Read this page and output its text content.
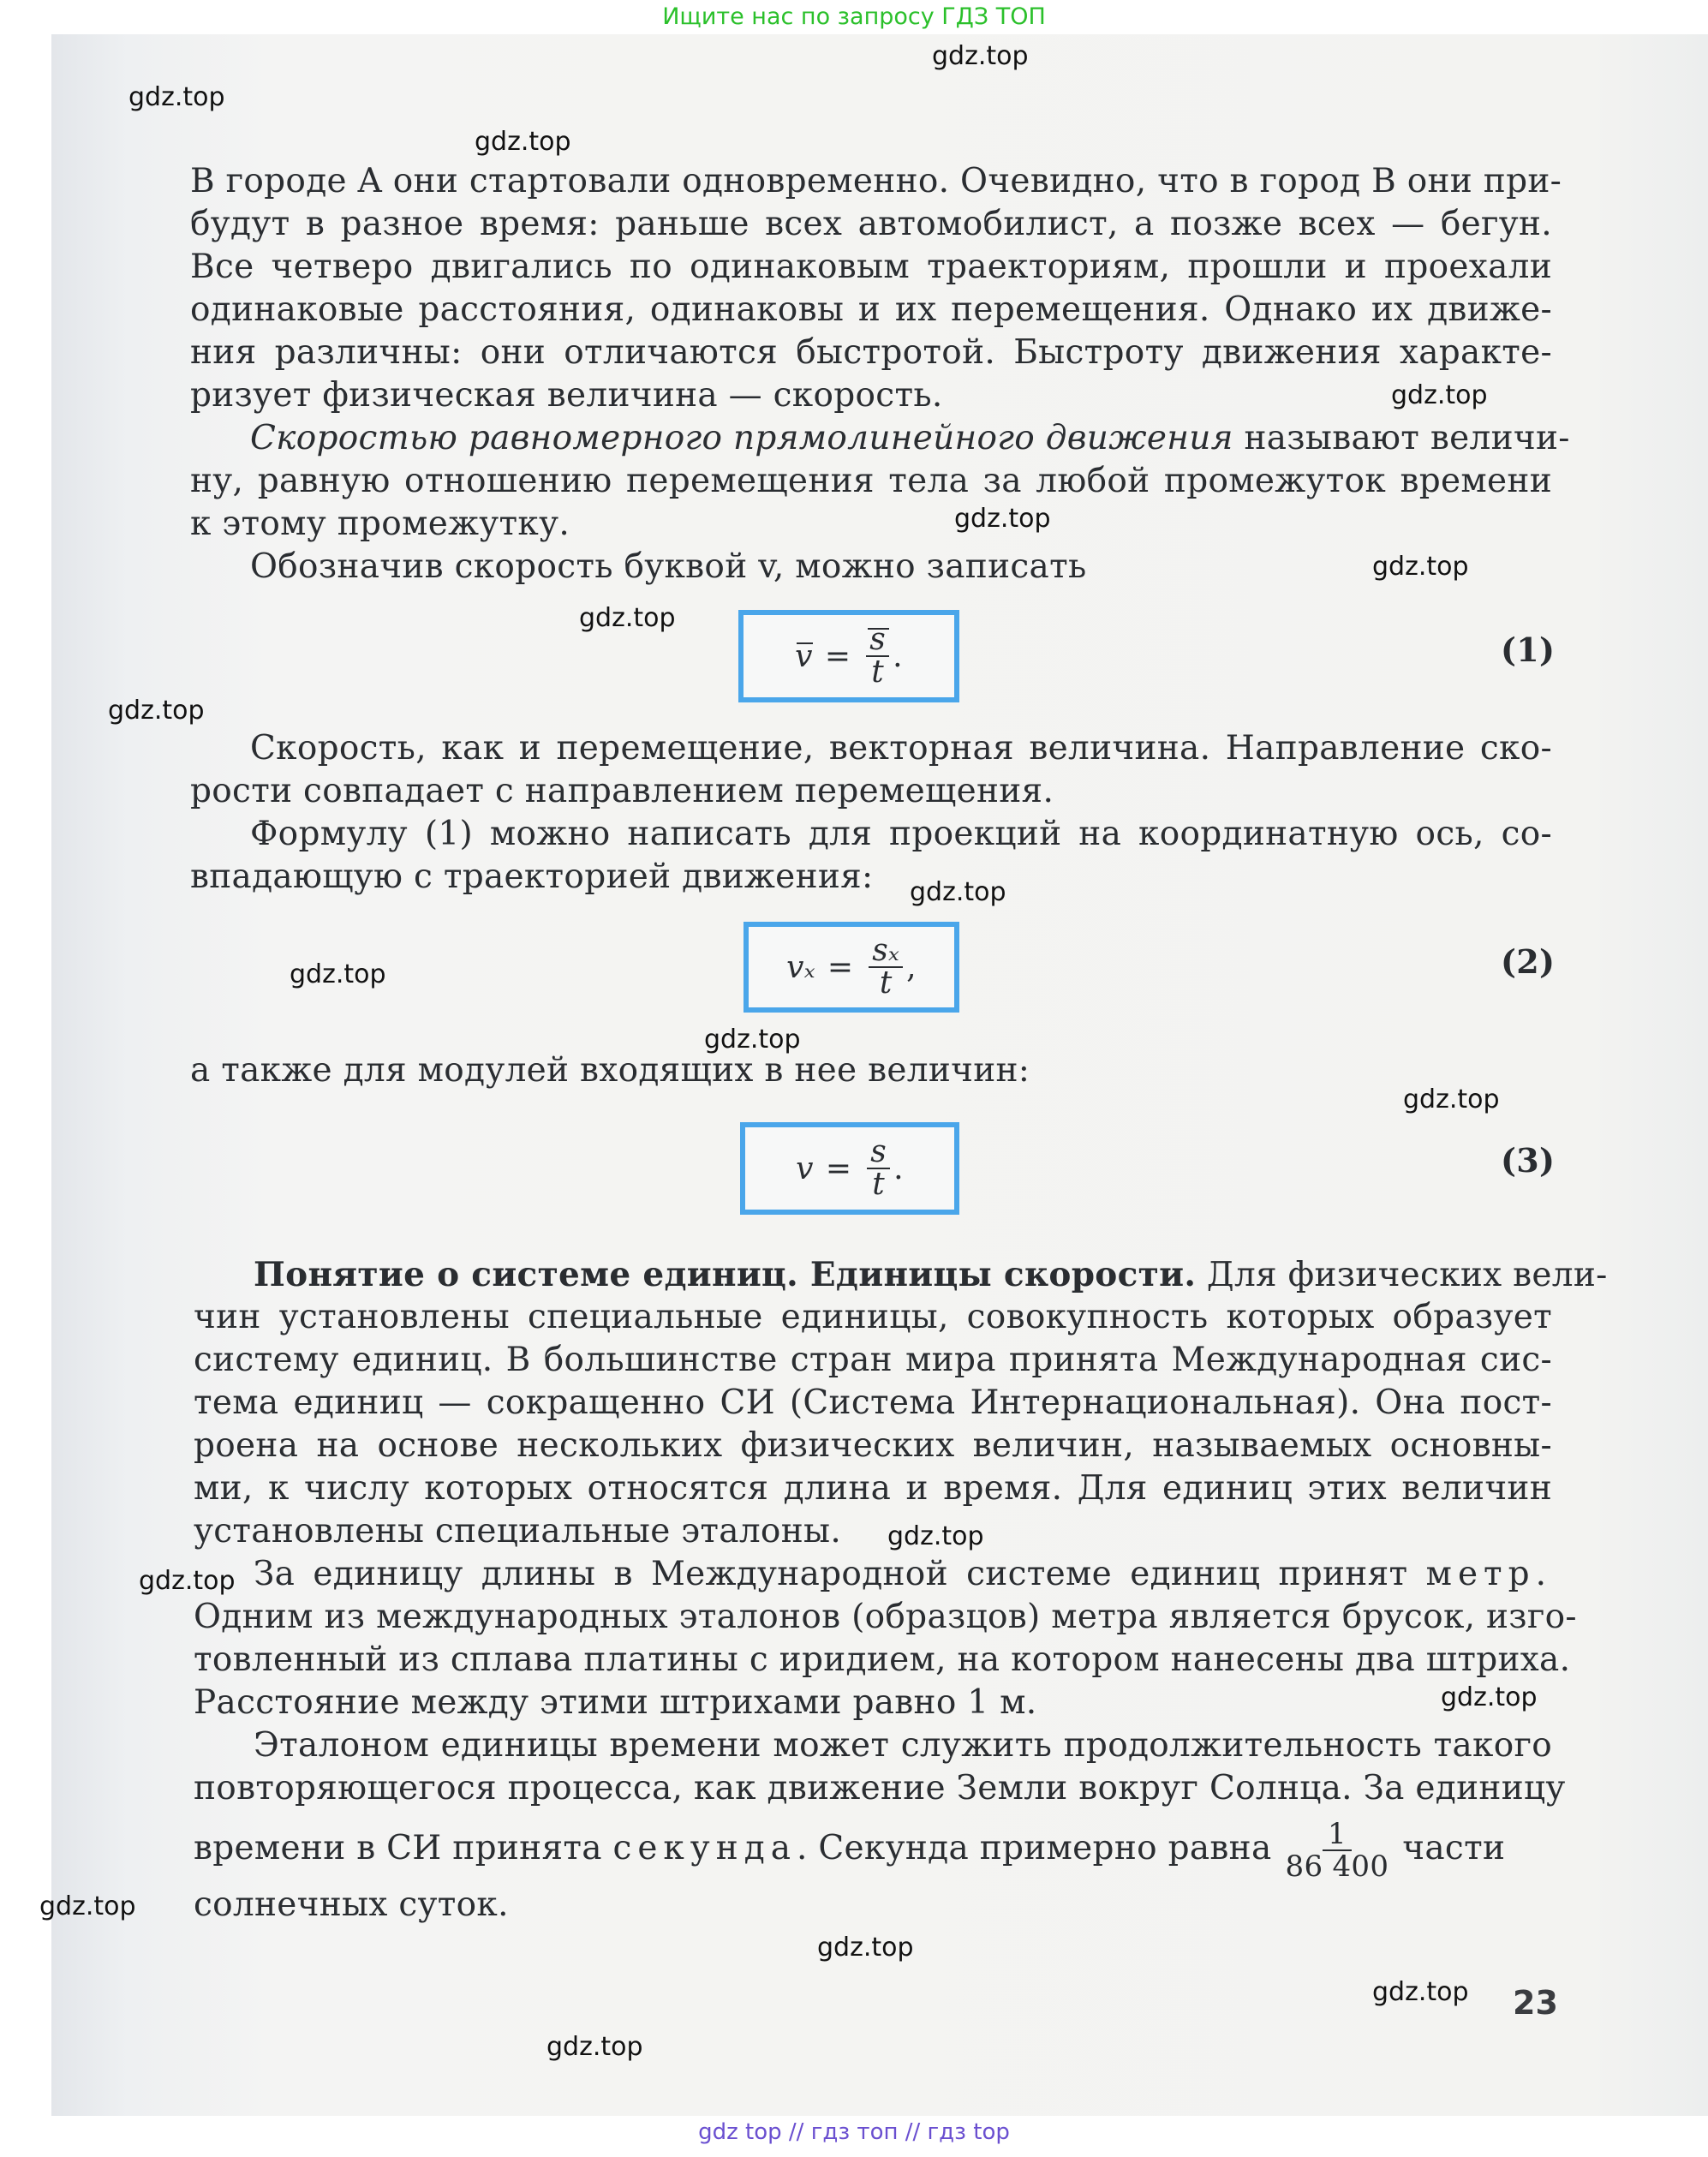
Ищите нас по запросу ГДЗ ТОП
gdz.top
gdz.top
gdz.top
gdz.top
gdz.top
gdz.top
gdz.top
gdz.top
gdz.top
gdz.top
gdz.top
gdz.top
gdz.top
gdz.top
gdz.top
gdz.top
gdz.top
gdz.top
gdz.top
В городе A они стартовали одновременно. Очевидно, что в город B они при-
будут в разное время: раньше всех автомобилист, а позже всех — бегун.
Все четверо двигались по одинаковым траекториям, прошли и проехали
одинаковые расстояния, одинаковы и их перемещения. Однако их движе-
ния различны: они отличаются быстротой. Быстроту движения характе-
ризует физическая величина — скорость.
Скоростью равномерного прямолинейного движения называют величи-
ну, равную отношению перемещения тела за любой промежуток времени
к этому промежутку.
Обозначив скорость буквой v, можно записать
$v = \frac{s}{t}$ .	(1)
Скорость, как и перемещение, векторная величина. Направление ско-
рости совпадает с направлением перемещения.
Формулу (1) можно написать для проекций на координатную ось, со-
впадающую с траекторией движения:
$v_x = \frac{\text{sₓ}}{t}$ ,	(2)
а также для модулей входящих в нее величин:
$v = \frac{s}{t}$ .	(3)
Понятие о системе единиц. Единицы скорости. Для физических вели-
чин установлены специальные единицы, совокупность которых образует
систему единиц. В большинстве стран мира принята Международная сис-
тема единиц — сокращенно СИ (Система Интернациональная). Она пост-
роена на основе нескольких физических величин, называемых основны-
ми, к числу которых относятся длина и время. Для единиц этих величин
установлены специальные эталоны.
За единицу длины в Международной системе единиц принят метр.
Одним из международных эталонов (образцов) метра является брусок, изго-
товленный из сплава платины с иридием, на котором нанесены два штриха.
Расстояние между этими штрихами равно 1 м.
Эталоном единицы времени может служить продолжительность такого
повторяющегося процесса, как движение Земли вокруг Солнца. За единицу
времени в СИ принята секунда. Секунда примерно равна $\frac{1}{86 400}$ части
солнечных суток.
23
gdz top // гдз топ // гдз top
